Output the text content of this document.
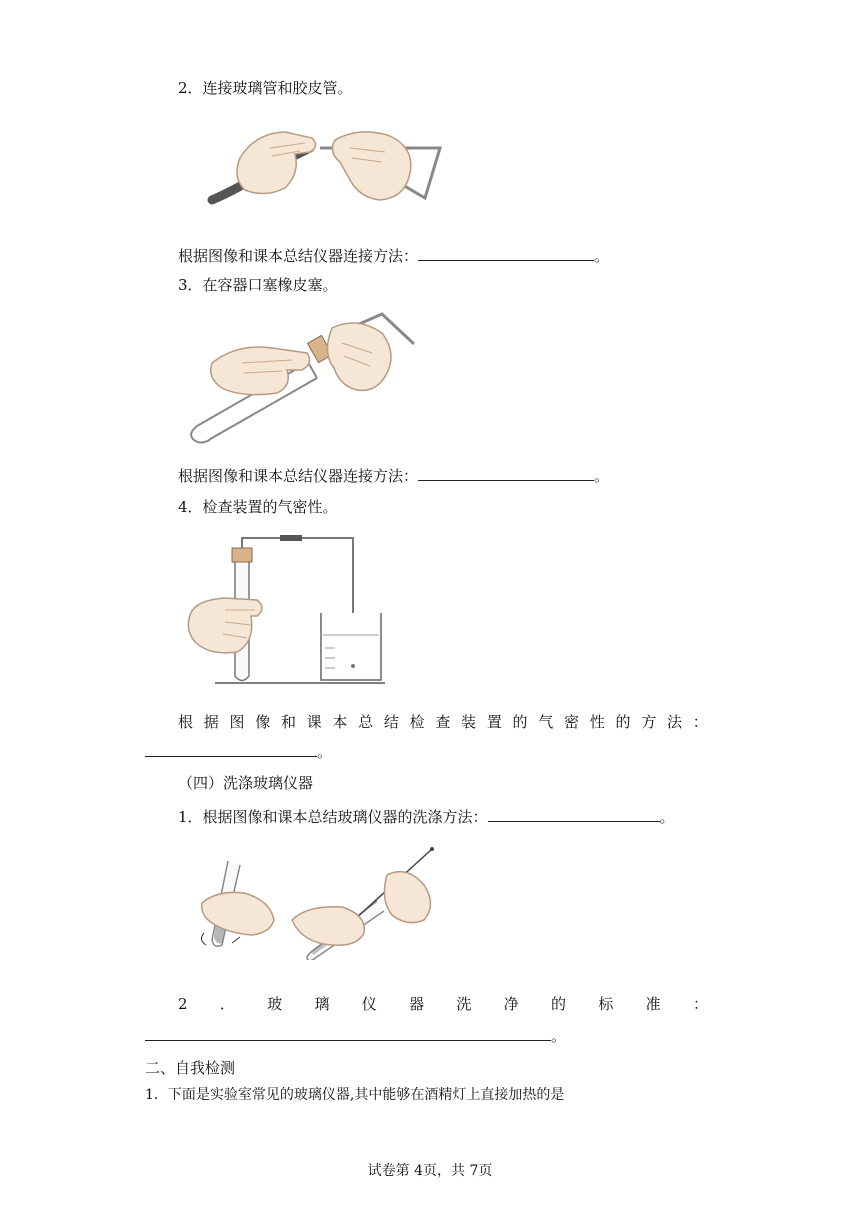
2．连接玻璃管和胶皮管。
根据图像和课本总结仪器连接方法：	。
3．在容器口塞橡皮塞。
根据图像和课本总结仪器连接方法：	。
4．检查装置的气密性。
根 据 图 像 和 课 本 总 结 检 查 装 置 的 气 密 性 的 方 法 ：
。
（四）洗涤玻璃仪器
1．根据图像和课本总结玻璃仪器的洗涤方法：	。
2 ． 玻 璃 仪 器 洗 净 的 标 准 ：
。
二、自我检测
1．下面是实验室常见的玻璃仪器,其中能够在酒精灯上直接加热的是
试卷第 4页，共 7页
